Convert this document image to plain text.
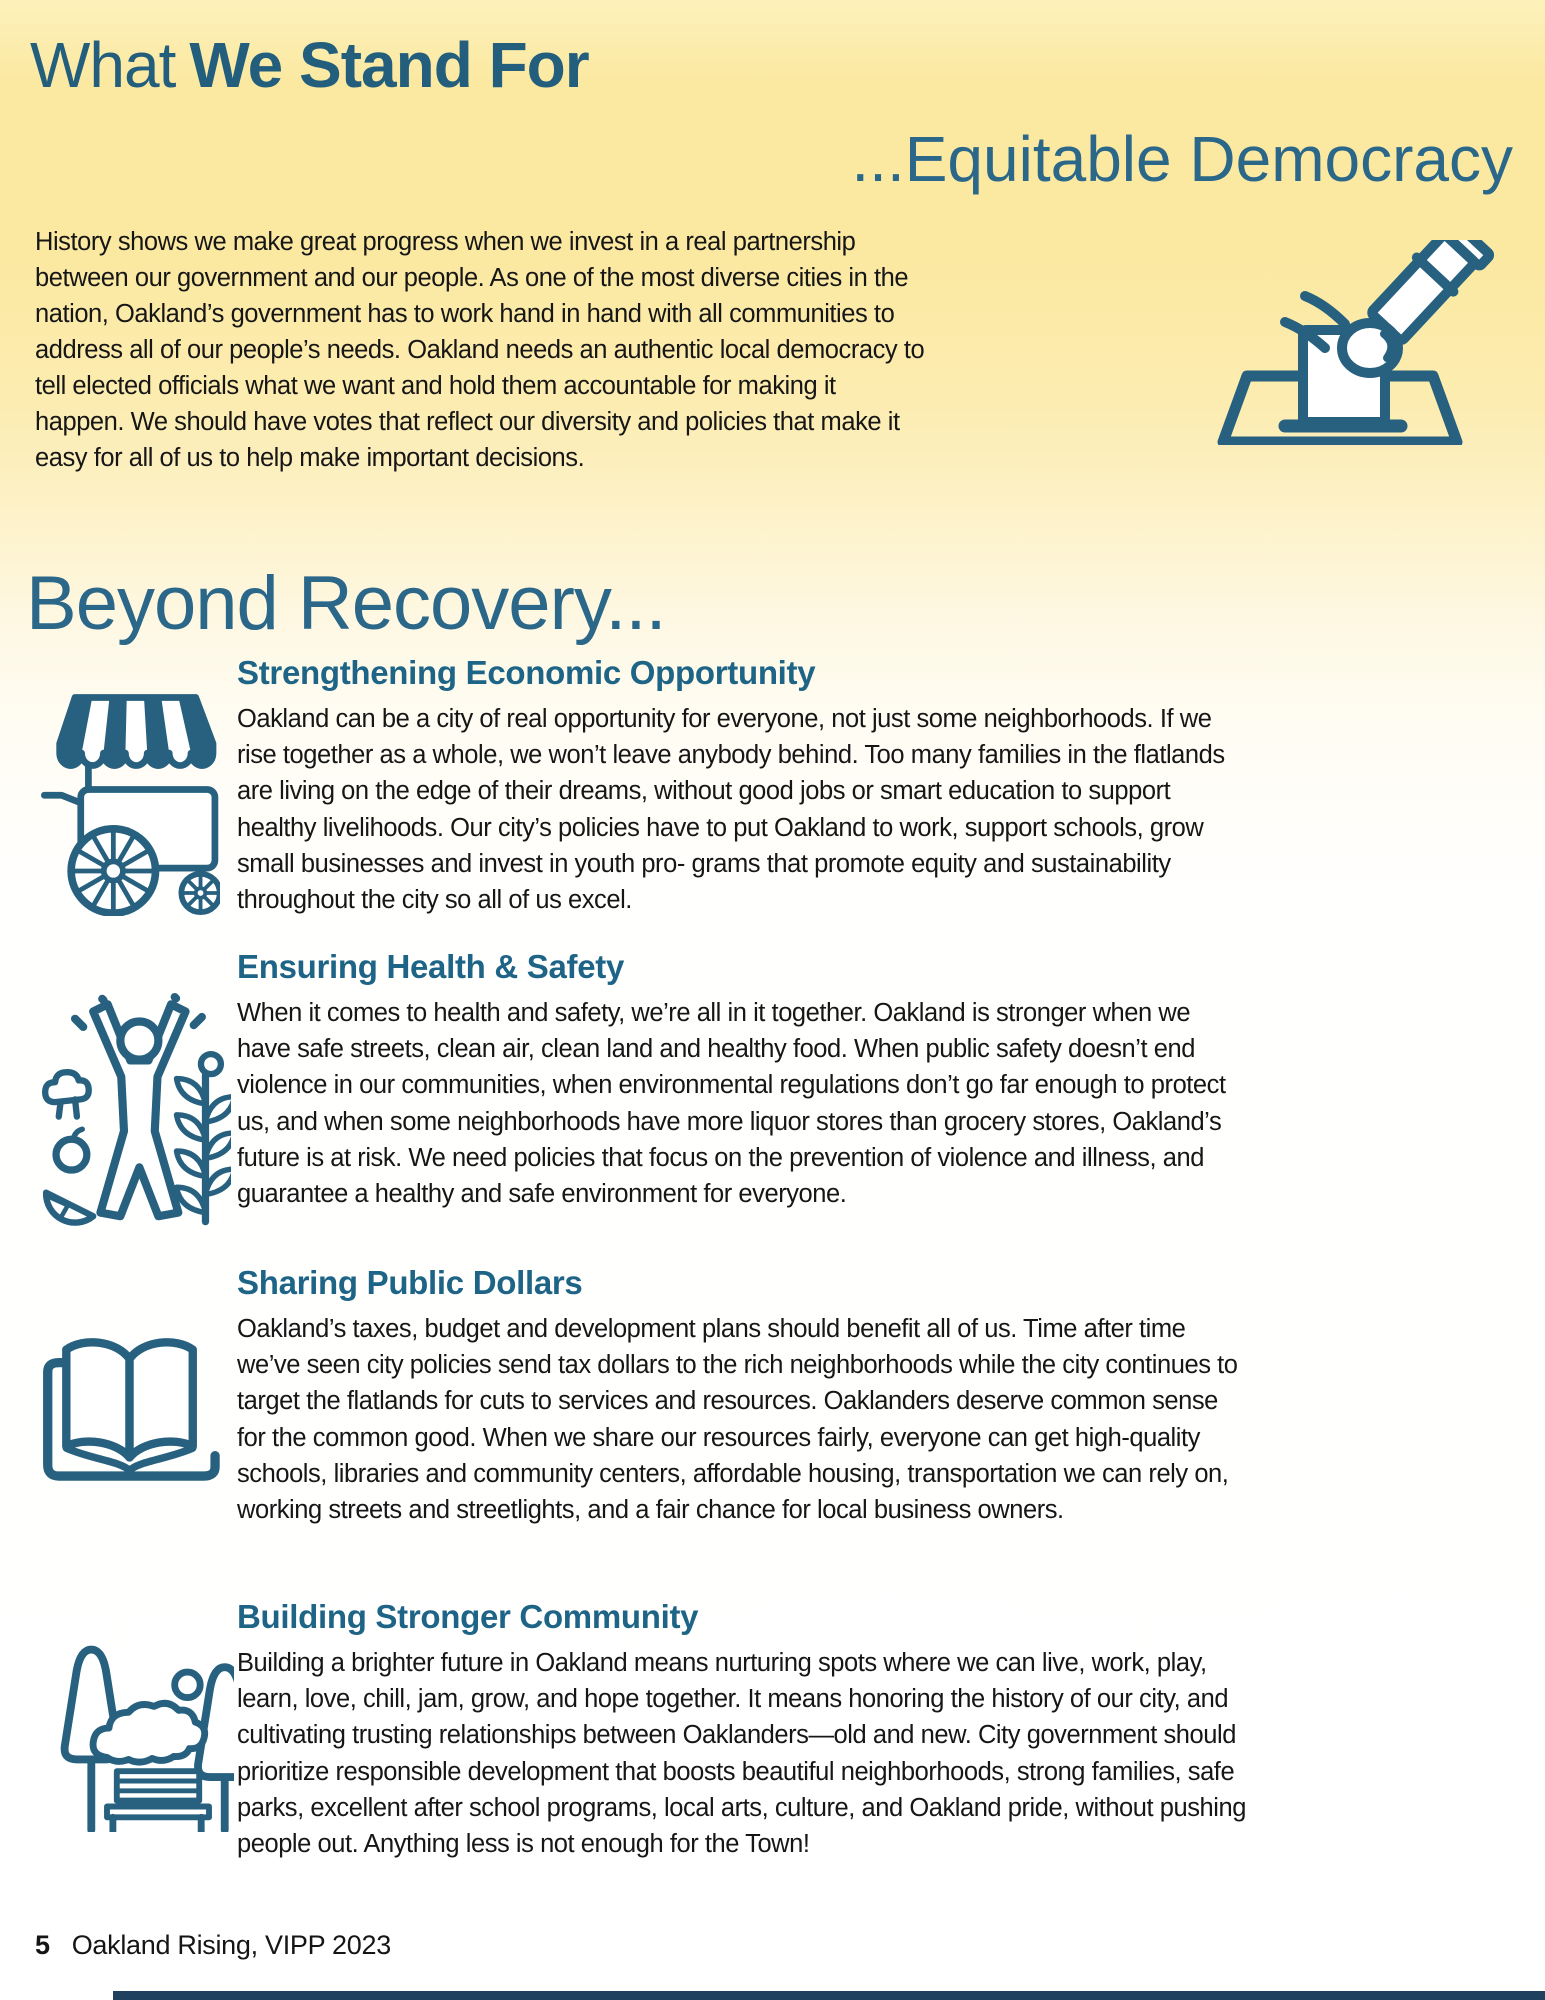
What We Stand For
...Equitable Democracy
History shows we make great progress when we invest in a real partnership between our government and our people. As one of the most diverse cities in the nation, Oakland’s government has to work hand in hand with all communities to address all of our people’s needs. Oakland needs an authentic local democracy to tell elected officials what we want and hold them accountable for making it happen. We should have votes that reflect our diversity and policies that make it easy for all of us to help make important decisions.
Beyond Recovery...
Strengthening Economic Opportunity

Oakland can be a city of real opportunity for everyone, not just some neighborhoods. If we rise together as a whole, we won’t leave anybody behind. Too many families in the flatlands are living on the edge of their dreams, without good jobs or smart education to support healthy livelihoods. Our city’s policies have to put Oakland to work, support schools, grow small businesses and invest in youth pro- grams that promote equity and sustainability throughout the city so all of us excel.

Ensuring Health & Safety

When it comes to health and safety, we’re all in it together. Oakland is stronger when we have safe streets, clean air, clean land and healthy food. When public safety doesn’t end violence in our communities, when environmental regulations don’t go far enough to protect us, and when some neighborhoods have more liquor stores than grocery stores, Oakland’s future is at risk. We need policies that focus on the prevention of violence and illness, and guarantee a healthy and safe environment for everyone.

Sharing Public Dollars

Oakland’s taxes, budget and development plans should benefit all of us. Time after time we’ve seen city policies send tax dollars to the rich neighborhoods while the city continues to target the flatlands for cuts to services and resources. Oaklanders deserve common sense for the common good. When we share our resources fairly, everyone can get high-quality schools, libraries and community centers, affordable housing, transportation we can rely on, working streets and streetlights, and a fair chance for local business owners.

Building Stronger Community

Building a brighter future in Oakland means nurturing spots where we can live, work, play, learn, love, chill, jam, grow, and hope together. It means honoring the history of our city, and cultivating trusting relationships between Oaklanders—old and new. City government should prioritize responsible development that boosts beautiful neighborhoods, strong families, safe parks, excellent after school programs, local arts, culture, and Oakland pride, without pushing people out. Anything less is not enough for the Town!

5 Oakland Rising, VIPP 2023
